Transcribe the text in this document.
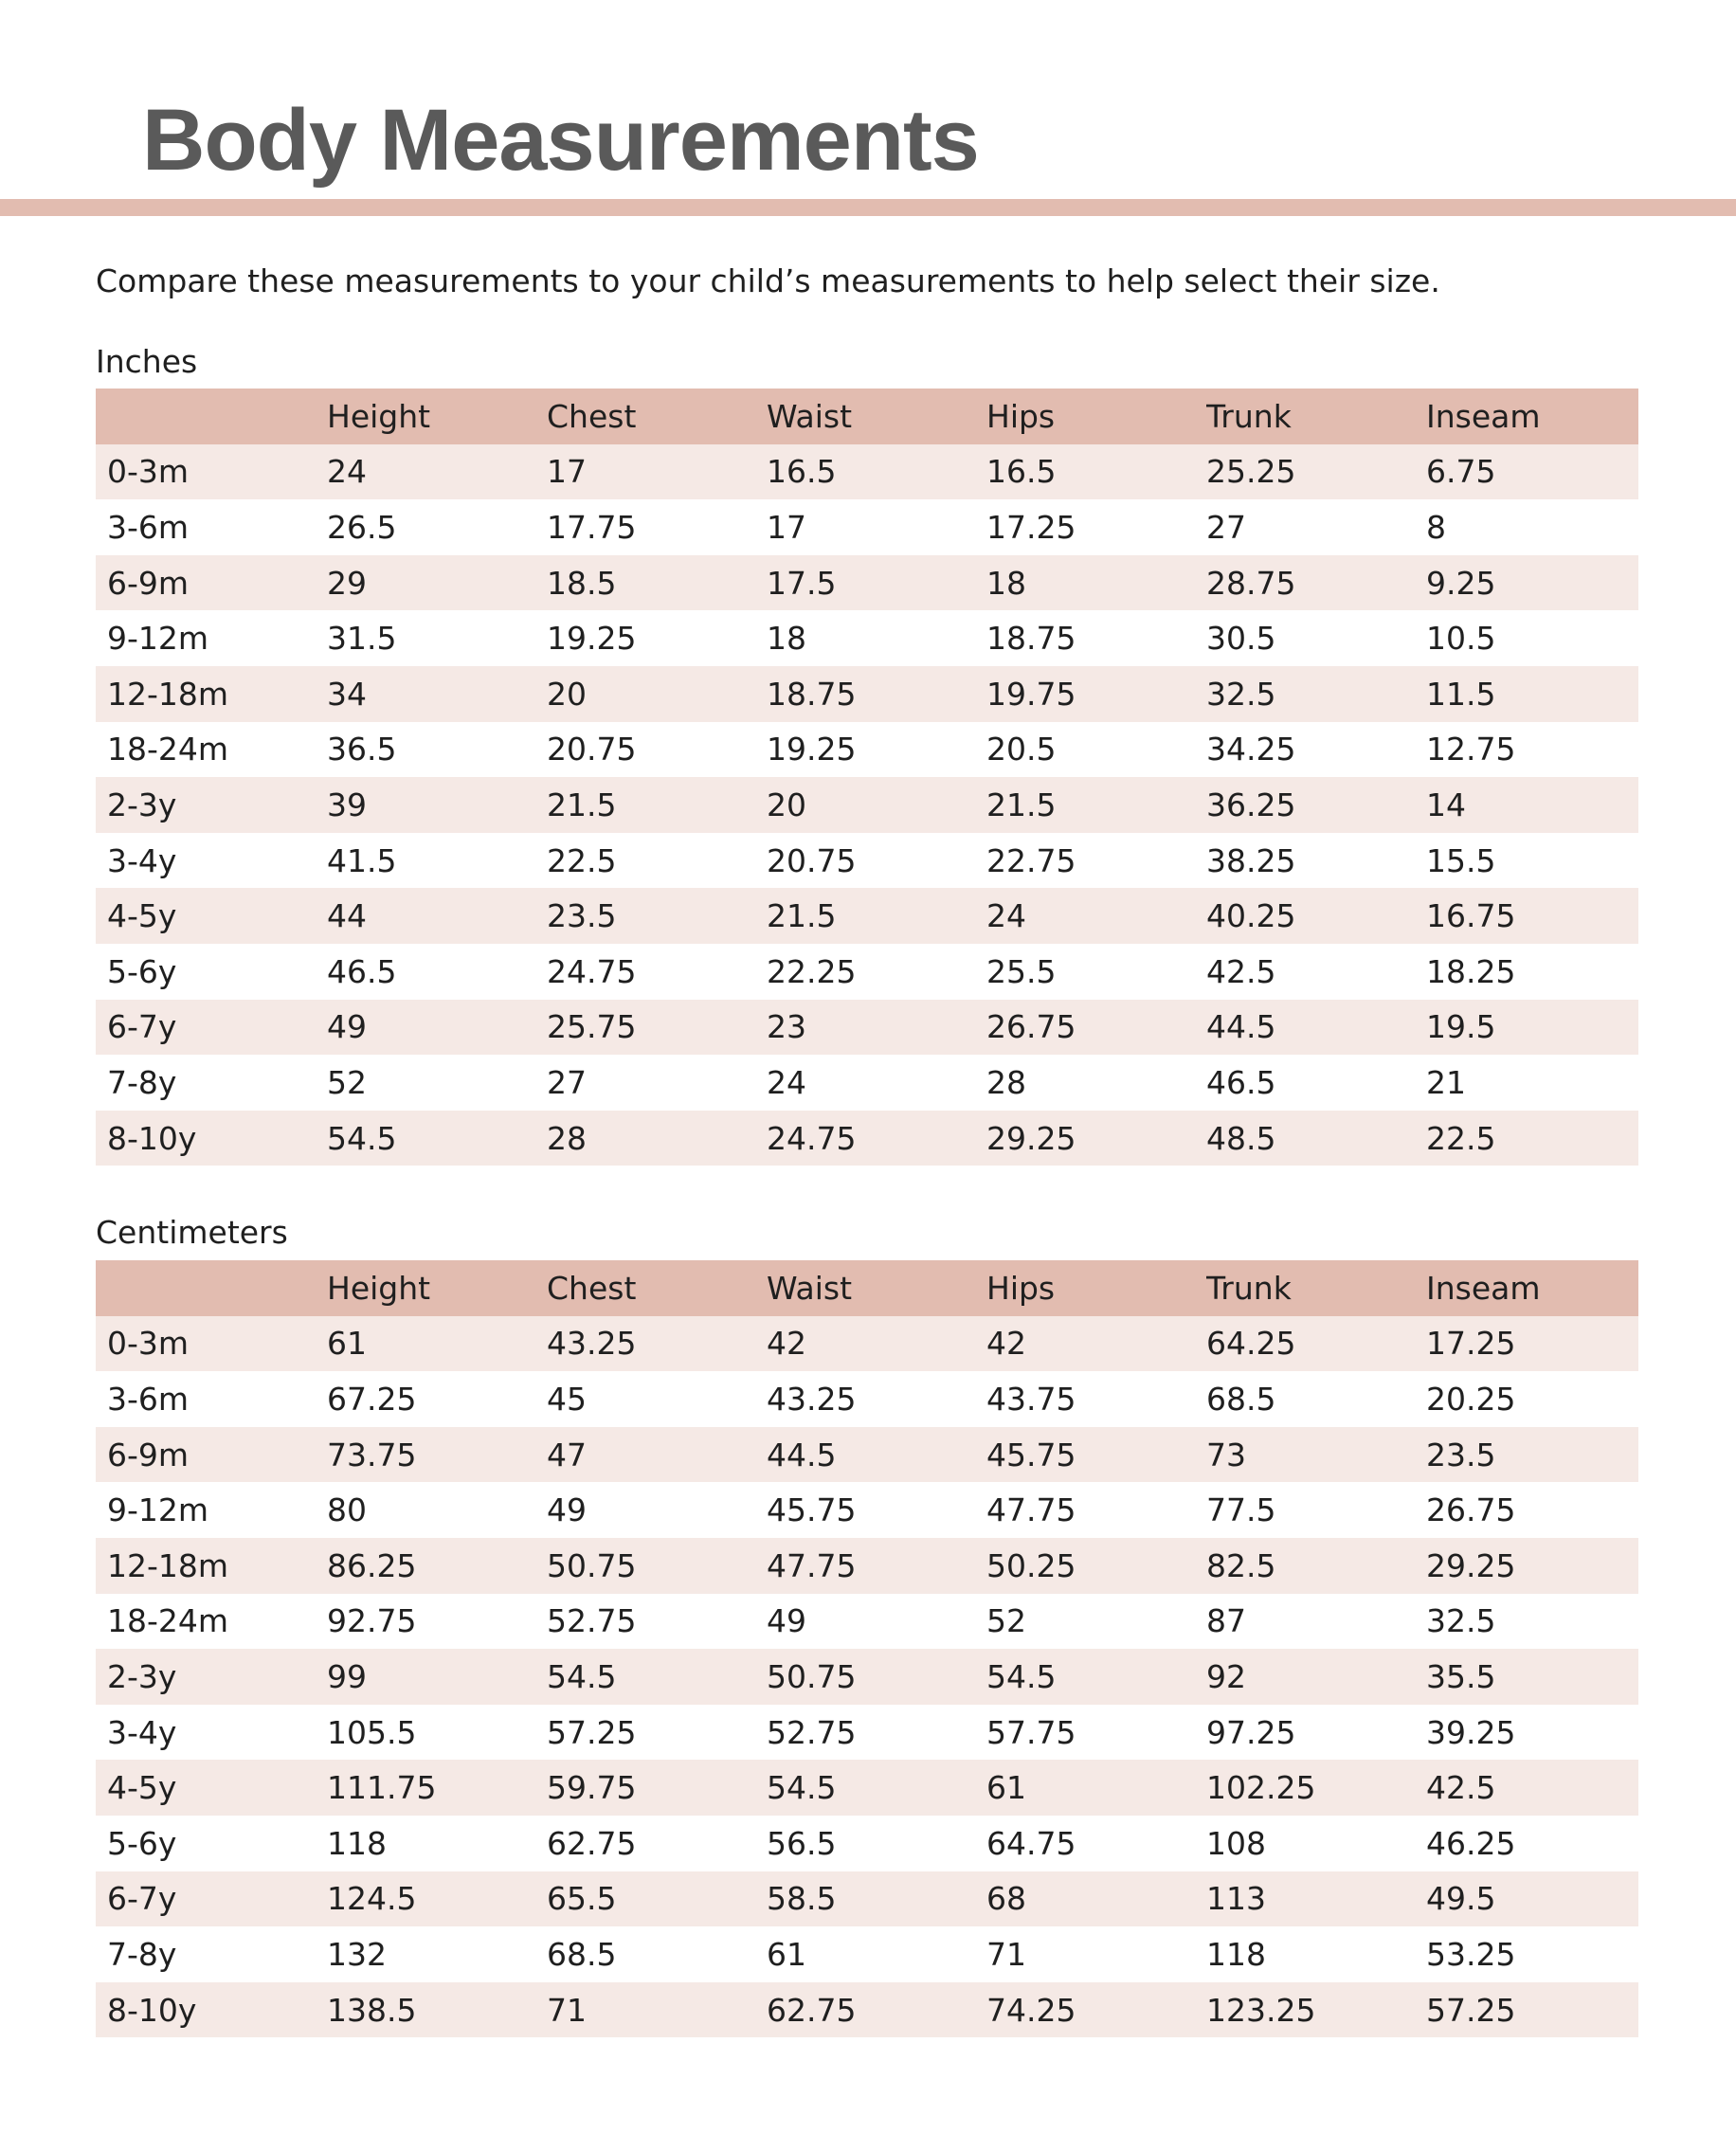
Body Measurements

Compare these measurements to your child’s measurements to help select their size.

Inches

	Height	Chest	Waist	Hips	Trunk	Inseam
0-3m	24	17	16.5	16.5	25.25	6.75
3-6m	26.5	17.75	17	17.25	27	8
6-9m	29	18.5	17.5	18	28.75	9.25
9-12m	31.5	19.25	18	18.75	30.5	10.5
12-18m	34	20	18.75	19.75	32.5	11.5
18-24m	36.5	20.75	19.25	20.5	34.25	12.75
2-3y	39	21.5	20	21.5	36.25	14
3-4y	41.5	22.5	20.75	22.75	38.25	15.5
4-5y	44	23.5	21.5	24	40.25	16.75
5-6y	46.5	24.75	22.25	25.5	42.5	18.25
6-7y	49	25.75	23	26.75	44.5	19.5
7-8y	52	27	24	28	46.5	21
8-10y	54.5	28	24.75	29.25	48.5	22.5

Centimeters

	Height	Chest	Waist	Hips	Trunk	Inseam
0-3m	61	43.25	42	42	64.25	17.25
3-6m	67.25	45	43.25	43.75	68.5	20.25
6-9m	73.75	47	44.5	45.75	73	23.5
9-12m	80	49	45.75	47.75	77.5	26.75
12-18m	86.25	50.75	47.75	50.25	82.5	29.25
18-24m	92.75	52.75	49	52	87	32.5
2-3y	99	54.5	50.75	54.5	92	35.5
3-4y	105.5	57.25	52.75	57.75	97.25	39.25
4-5y	111.75	59.75	54.5	61	102.25	42.5
5-6y	118	62.75	56.5	64.75	108	46.25
6-7y	124.5	65.5	58.5	68	113	49.5
7-8y	132	68.5	61	71	118	53.25
8-10y	138.5	71	62.75	74.25	123.25	57.25
